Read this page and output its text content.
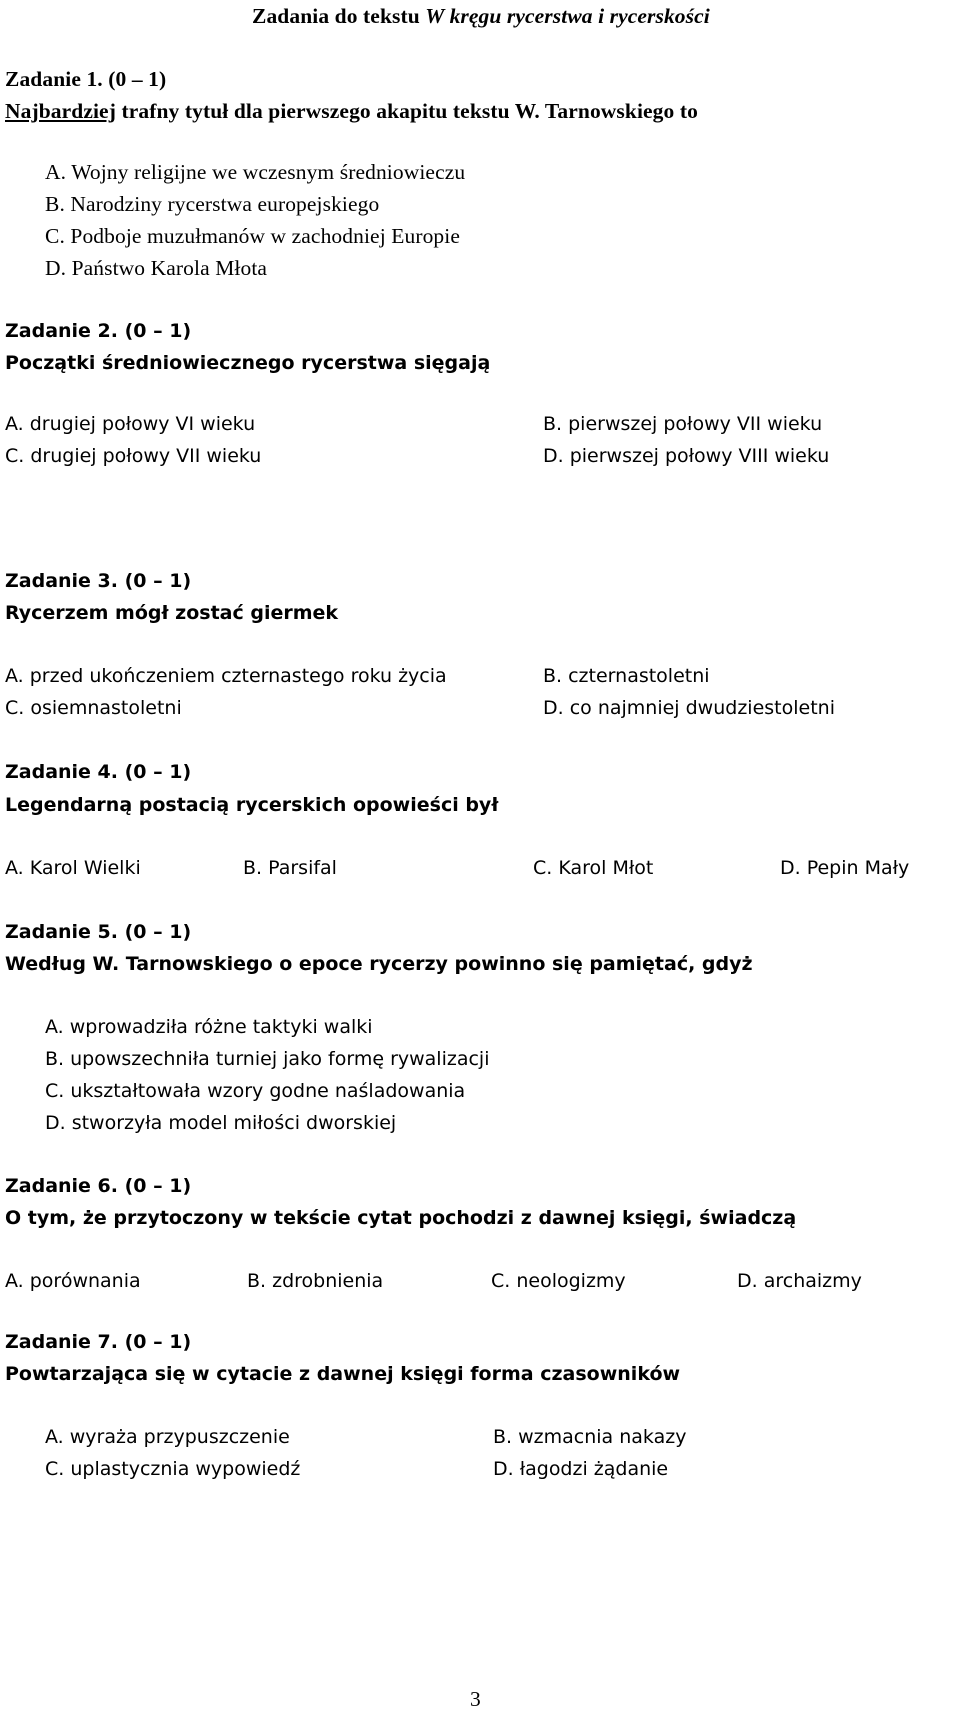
Zadania do tekstu W kręgu rycerstwa i rycerskości
Zadanie 1. (0 – 1)
Najbardziej trafny tytuł dla pierwszego akapitu tekstu W. Tarnowskiego to
A. Wojny religijne we wczesnym średniowieczu
B. Narodziny rycerstwa europejskiego
C. Podboje muzułmanów w zachodniej Europie
D. Państwo Karola Młota
Zadanie 2. (0 – 1)
Początki średniowiecznego rycerstwa sięgają
A. drugiej połowy VI wieku	B. pierwszej połowy VII wieku
C. drugiej połowy VII wieku	D. pierwszej połowy VIII wieku
Zadanie 3. (0 – 1)
Rycerzem mógł zostać giermek
A. przed ukończeniem czternastego roku życia	B. czternastoletni
C. osiemnastoletni	D. co najmniej dwudziestoletni
Zadanie 4. (0 – 1)
Legendarną postacią rycerskich opowieści był
A. Karol Wielki	B. Parsifal	C. Karol Młot	D. Pepin Mały
Zadanie 5. (0 – 1)
Według W. Tarnowskiego o epoce rycerzy powinno się pamiętać, gdyż
A. wprowadziła różne taktyki walki
B. upowszechniła turniej jako formę rywalizacji
C. ukształtowała wzory godne naśladowania
D. stworzyła model miłości dworskiej
Zadanie 6. (0 – 1)
O tym, że przytoczony w tekście cytat pochodzi z dawnej księgi, świadczą
A. porównania	B. zdrobnienia	C. neologizmy	D. archaizmy
Zadanie 7. (0 – 1)
Powtarzająca się w cytacie z dawnej księgi forma czasowników
A. wyraża przypuszczenie	B. wzmacnia nakazy
C. uplastycznia wypowiedź	D. łagodzi żądanie
3
